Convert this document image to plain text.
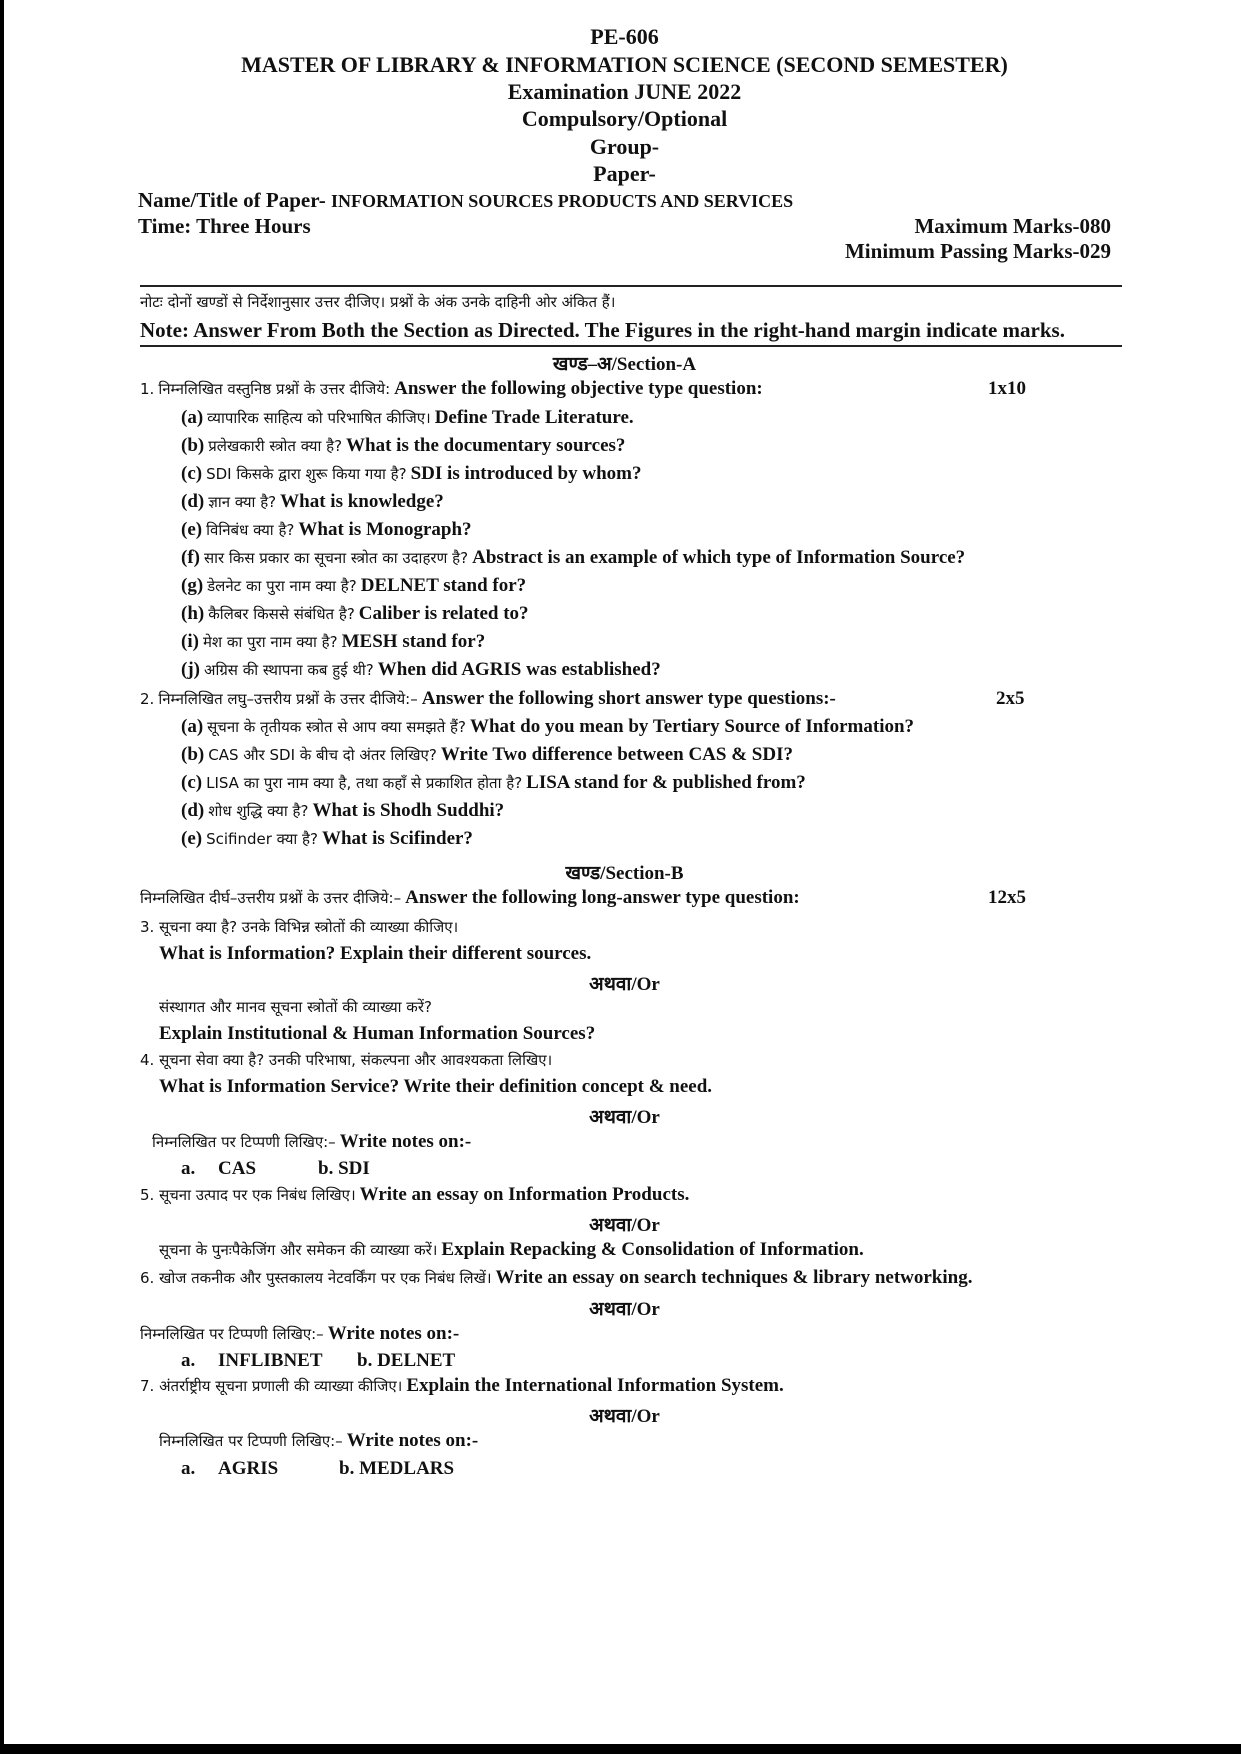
PE-606
MASTER OF LIBRARY & INFORMATION SCIENCE (SECOND SEMESTER)
Examination JUNE 2022
Compulsory/Optional
Group-
Paper-
Name/Title of Paper- INFORMATION SOURCES PRODUCTS AND SERVICES
Time: Three Hours	Maximum Marks-080
Minimum Passing Marks-029
नोटः दोनों खण्डों से निर्देशानुसार उत्तर दीजिए। प्रश्नों के अंक उनके दाहिनी ओर अंकित हैं।
Note: Answer From Both the Section as Directed. The Figures in the right-hand margin indicate marks.
खण्ड–अ/Section-A
1. निम्नलिखित वस्तुनिष्ठ प्रश्नों के उत्तर दीजिये: Answer the following objective type question:	1x10
(a) व्यापारिक साहित्य को परिभाषित कीजिए। Define Trade Literature.
(b) प्रलेखकारी स्त्रोत क्या है? What is the documentary sources?
(c) SDI किसके द्वारा शुरू किया गया है? SDI is introduced by whom?
(d) ज्ञान क्या है? What is knowledge?
(e) विनिबंध क्या है? What is Monograph?
(f) सार किस प्रकार का सूचना स्त्रोत का उदाहरण है? Abstract is an example of which type of Information Source?
(g) डेलनेट का पुरा नाम क्या है? DELNET stand for?
(h) कैलिबर किससे संबंधित है? Caliber is related to?
(i) मेश का पुरा नाम क्या है? MESH stand for?
(j) अग्रिस की स्थापना कब हुई थी? When did AGRIS was established?
2. निम्नलिखित लघु–उत्तरीय प्रश्नों के उत्तर दीजिये:– Answer the following short answer type questions:-	2x5
(a) सूचना के तृतीयक स्त्रोत से आप क्या समझते हैं? What do you mean by Tertiary Source of Information?
(b) CAS और SDI के बीच दो अंतर लिखिए? Write Two difference between CAS & SDI?
(c) LISA का पुरा नाम क्या है, तथा कहाँ से प्रकाशित होता है? LISA stand for & published from?
(d) शोध शुद्धि क्या है? What is Shodh Suddhi?
(e) Scifinder क्या है? What is Scifinder?
खण्ड/Section-B
निम्नलिखित दीर्घ–उत्तरीय प्रश्नों के उत्तर दीजिये:– Answer the following long-answer type question:	12x5
3. सूचना क्या है? उनके विभिन्न स्त्रोतों की व्याख्या कीजिए।
What is Information? Explain their different sources.
अथवा/Or
संस्थागत और मानव सूचना स्त्रोतों की व्याख्या करें?
Explain Institutional & Human Information Sources?
4. सूचना सेवा क्या है? उनकी परिभाषा, संकल्पना और आवश्यकता लिखिए।
What is Information Service? Write their definition concept & need.
अथवा/Or
निम्नलिखित पर टिप्पणी लिखिए:– Write notes on:-
a. CAS	b. SDI
5. सूचना उत्पाद पर एक निबंध लिखिए। Write an essay on Information Products.
अथवा/Or
सूचना के पुनःपैकेजिंग और समेकन की व्याख्या करें। Explain Repacking & Consolidation of Information.
6. खोज तकनीक और पुस्तकालय नेटवर्किंग पर एक निबंध लिखें। Write an essay on search techniques & library networking.
अथवा/Or
निम्नलिखित पर टिप्पणी लिखिए:– Write notes on:-
a. INFLIBNET b. DELNET
7. अंतर्राष्ट्रीय सूचना प्रणाली की व्याख्या कीजिए। Explain the International Information System.
अथवा/Or
निम्नलिखित पर टिप्पणी लिखिए:– Write notes on:-
a. AGRIS	b. MEDLARS
